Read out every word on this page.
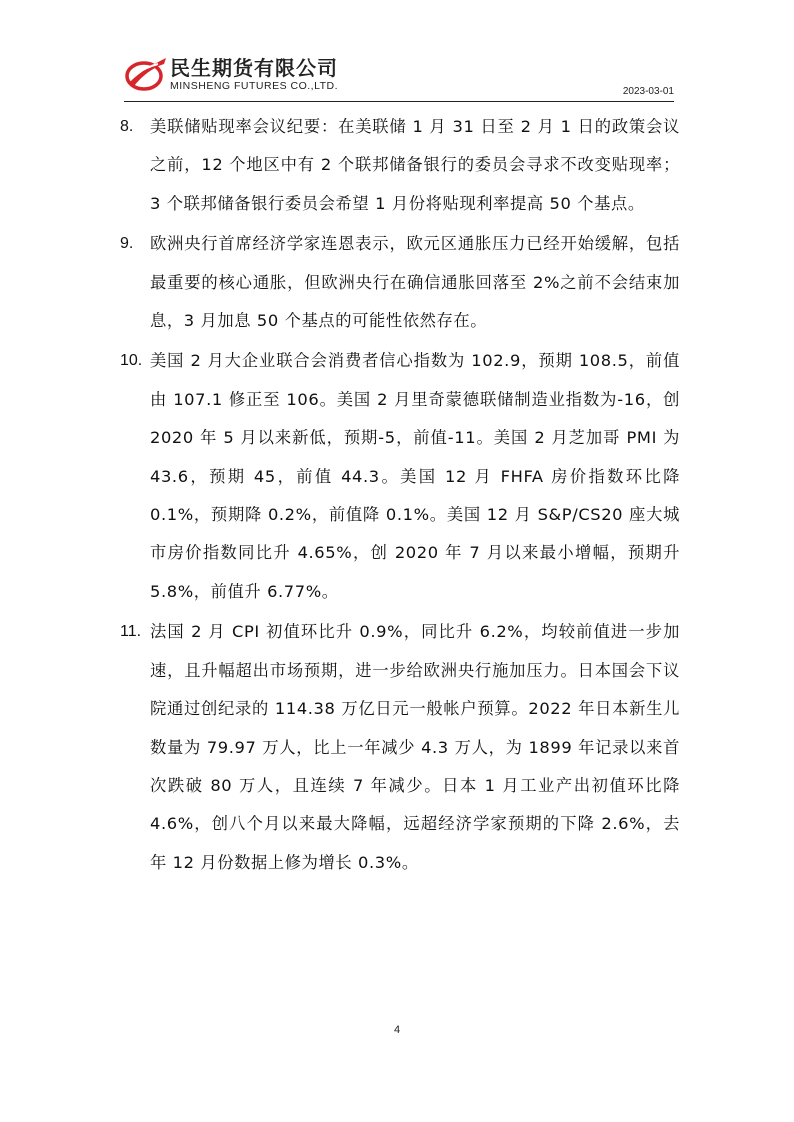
民生期货有限公司
MINSHENG FUTURES CO.,LTD.	2023-03-01
8. 美联储贴现率会议纪要：在美联储 1 月 31 日至 2 月 1 日的政策会议之前，12 个地区中有 2 个联邦储备银行的委员会寻求不改变贴现率；3 个联邦储备银行委员会希望 1 月份将贴现利率提高 50 个基点。
9. 欧洲央行首席经济学家连恩表示，欧元区通胀压力已经开始缓解，包括最重要的核心通胀，但欧洲央行在确信通胀回落至 2%之前不会结束加息，3 月加息 50 个基点的可能性依然存在。
10. 美国 2 月大企业联合会消费者信心指数为 102.9，预期 108.5，前值由 107.1 修正至 106。美国 2 月里奇蒙德联储制造业指数为-16，创 2020 年 5 月以来新低，预期-5，前值-11。美国 2 月芝加哥 PMI 为 43.6，预期 45，前值 44.3。美国 12 月 FHFA 房价指数环比降 0.1%，预期降 0.2%，前值降 0.1%。美国 12 月 S&P/CS20 座大城市房价指数同比升 4.65%，创 2020 年 7 月以来最小增幅，预期升 5.8%，前值升 6.77%。
11. 法国 2 月 CPI 初值环比升 0.9%，同比升 6.2%，均较前值进一步加速，且升幅超出市场预期，进一步给欧洲央行施加压力。日本国会下议院通过创纪录的 114.38 万亿日元一般帐户预算。2022 年日本新生儿数量为 79.97 万人，比上一年减少 4.3 万人，为 1899 年记录以来首次跌破 80 万人，且连续 7 年减少。日本 1 月工业产出初值环比降 4.6%，创八个月以来最大降幅，远超经济学家预期的下降 2.6%，去年 12 月份数据上修为增长 0.3%。
4
